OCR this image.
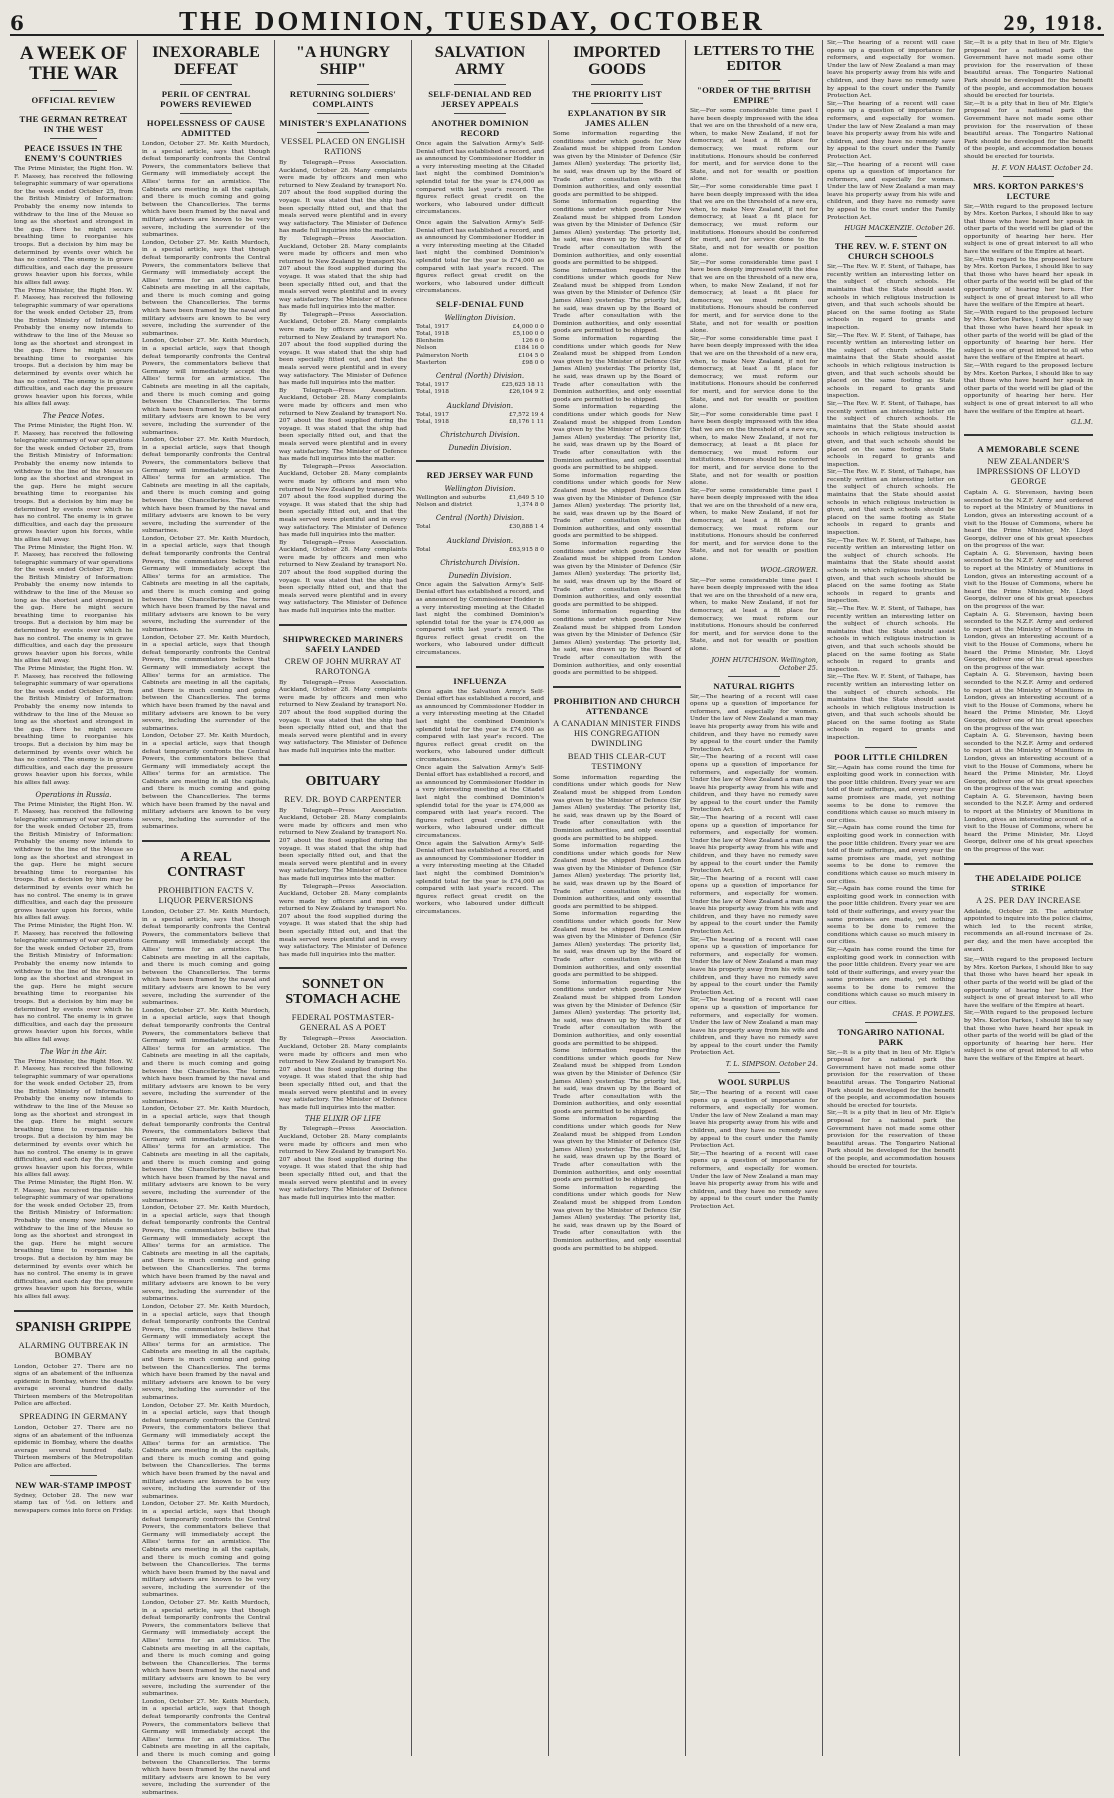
6	THE DOMINION, TUESDAY, OCTOBER	29, 1918.
A WEEK OF THE WAR
OFFICIAL REVIEW
THE GERMAN RETREAT IN THE WEST
PEACE ISSUES IN THE ENEMY'S COUNTRIES

The Prime Minister, the Right Hon. W. F. Massey, has received the following telegraphic summary of war operations for the week ended October 25, from the British Ministry of Information: Probably the enemy now intends to withdraw to the line of the Meuse so long as the shortest and strongest in the gap. Here he might secure breathing time to reorganise his troops. But a decision by him may be determined by events over which he has no control. The enemy is in grave difficulties, and each day the pressure grows heavier upon his forces, while his allies fall away.

The Prime Minister, the Right Hon. W. F. Massey, has received the following telegraphic summary of war operations for the week ended October 25, from the British Ministry of Information: Probably the enemy now intends to withdraw to the line of the Meuse so long as the shortest and strongest in the gap. Here he might secure breathing time to reorganise his troops. But a decision by him may be determined by events over which he has no control. The enemy is in grave difficulties, and each day the pressure grows heavier upon his forces, while his allies fall away.

The Peace Notes.

The Prime Minister, the Right Hon. W. F. Massey, has received the following telegraphic summary of war operations for the week ended October 25, from the British Ministry of Information: Probably the enemy now intends to withdraw to the line of the Meuse so long as the shortest and strongest in the gap. Here he might secure breathing time to reorganise his troops. But a decision by him may be determined by events over which he has no control. The enemy is in grave difficulties, and each day the pressure grows heavier upon his forces, while his allies fall away.

The Prime Minister, the Right Hon. W. F. Massey, has received the following telegraphic summary of war operations for the week ended October 25, from the British Ministry of Information: Probably the enemy now intends to withdraw to the line of the Meuse so long as the shortest and strongest in the gap. Here he might secure breathing time to reorganise his troops. But a decision by him may be determined by events over which he has no control. The enemy is in grave difficulties, and each day the pressure grows heavier upon his forces, while his allies fall away.

The Prime Minister, the Right Hon. W. F. Massey, has received the following telegraphic summary of war operations for the week ended October 25, from the British Ministry of Information: Probably the enemy now intends to withdraw to the line of the Meuse so long as the shortest and strongest in the gap. Here he might secure breathing time to reorganise his troops. But a decision by him may be determined by events over which he has no control. The enemy is in grave difficulties, and each day the pressure grows heavier upon his forces, while his allies fall away.

Operations in Russia.

The Prime Minister, the Right Hon. W. F. Massey, has received the following telegraphic summary of war operations for the week ended October 25, from the British Ministry of Information: Probably the enemy now intends to withdraw to the line of the Meuse so long as the shortest and strongest in the gap. Here he might secure breathing time to reorganise his troops. But a decision by him may be determined by events over which he has no control. The enemy is in grave difficulties, and each day the pressure grows heavier upon his forces, while his allies fall away.

The Prime Minister, the Right Hon. W. F. Massey, has received the following telegraphic summary of war operations for the week ended October 25, from the British Ministry of Information: Probably the enemy now intends to withdraw to the line of the Meuse so long as the shortest and strongest in the gap. Here he might secure breathing time to reorganise his troops. But a decision by him may be determined by events over which he has no control. The enemy is in grave difficulties, and each day the pressure grows heavier upon his forces, while his allies fall away.

The War in the Air.

The Prime Minister, the Right Hon. W. F. Massey, has received the following telegraphic summary of war operations for the week ended October 25, from the British Ministry of Information: Probably the enemy now intends to withdraw to the line of the Meuse so long as the shortest and strongest in the gap. Here he might secure breathing time to reorganise his troops. But a decision by him may be determined by events over which he has no control. The enemy is in grave difficulties, and each day the pressure grows heavier upon his forces, while his allies fall away.

The Prime Minister, the Right Hon. W. F. Massey, has received the following telegraphic summary of war operations for the week ended October 25, from the British Ministry of Information: Probably the enemy now intends to withdraw to the line of the Meuse so long as the shortest and strongest in the gap. Here he might secure breathing time to reorganise his troops. But a decision by him may be determined by events over which he has no control. The enemy is in grave difficulties, and each day the pressure grows heavier upon his forces, while his allies fall away.

SPANISH GRIPPE
ALARMING OUTBREAK IN BOMBAY

London, October 27. There are no signs of an abatement of the influenza epidemic in Bombay, where the deaths average several hundred daily. Thirteen members of the Metropolitan Police are affected.

SPREADING IN GERMANY

London, October 27. There are no signs of an abatement of the influenza epidemic in Bombay, where the deaths average several hundred daily. Thirteen members of the Metropolitan Police are affected.

NEW WAR-STAMP IMPOST

Sydney, October 28. The new war stamp tax of ½d. on letters and newspapers comes into force on Friday.

INEXORABLE DEFEAT
PERIL OF CENTRAL POWERS REVIEWED
HOPELESSNESS OF CAUSE ADMITTED

London, October 27. Mr. Keith Murdoch, in a special article, says that though defeat temporarily confronts the Central Powers, the commentators believe that Germany will immediately accept the Allies' terms for an armistice. The Cabinets are meeting in all the capitals, and there is much coming and going between the Chancelleries. The terms which have been framed by the naval and military advisers are known to be very severe, including the surrender of the submarines.

London, October 27. Mr. Keith Murdoch, in a special article, says that though defeat temporarily confronts the Central Powers, the commentators believe that Germany will immediately accept the Allies' terms for an armistice. The Cabinets are meeting in all the capitals, and there is much coming and going between the Chancelleries. The terms which have been framed by the naval and military advisers are known to be very severe, including the surrender of the submarines.

London, October 27. Mr. Keith Murdoch, in a special article, says that though defeat temporarily confronts the Central Powers, the commentators believe that Germany will immediately accept the Allies' terms for an armistice. The Cabinets are meeting in all the capitals, and there is much coming and going between the Chancelleries. The terms which have been framed by the naval and military advisers are known to be very severe, including the surrender of the submarines.

London, October 27. Mr. Keith Murdoch, in a special article, says that though defeat temporarily confronts the Central Powers, the commentators believe that Germany will immediately accept the Allies' terms for an armistice. The Cabinets are meeting in all the capitals, and there is much coming and going between the Chancelleries. The terms which have been framed by the naval and military advisers are known to be very severe, including the surrender of the submarines.

London, October 27. Mr. Keith Murdoch, in a special article, says that though defeat temporarily confronts the Central Powers, the commentators believe that Germany will immediately accept the Allies' terms for an armistice. The Cabinets are meeting in all the capitals, and there is much coming and going between the Chancelleries. The terms which have been framed by the naval and military advisers are known to be very severe, including the surrender of the submarines.

London, October 27. Mr. Keith Murdoch, in a special article, says that though defeat temporarily confronts the Central Powers, the commentators believe that Germany will immediately accept the Allies' terms for an armistice. The Cabinets are meeting in all the capitals, and there is much coming and going between the Chancelleries. The terms which have been framed by the naval and military advisers are known to be very severe, including the surrender of the submarines.

London, October 27. Mr. Keith Murdoch, in a special article, says that though defeat temporarily confronts the Central Powers, the commentators believe that Germany will immediately accept the Allies' terms for an armistice. The Cabinets are meeting in all the capitals, and there is much coming and going between the Chancelleries. The terms which have been framed by the naval and military advisers are known to be very severe, including the surrender of the submarines.

A REAL CONTRAST
PROHIBITION FACTS V. LIQUOR PERVERSIONS

London, October 27. Mr. Keith Murdoch, in a special article, says that though defeat temporarily confronts the Central Powers, the commentators believe that Germany will immediately accept the Allies' terms for an armistice. The Cabinets are meeting in all the capitals, and there is much coming and going between the Chancelleries. The terms which have been framed by the naval and military advisers are known to be very severe, including the surrender of the submarines.

London, October 27. Mr. Keith Murdoch, in a special article, says that though defeat temporarily confronts the Central Powers, the commentators believe that Germany will immediately accept the Allies' terms for an armistice. The Cabinets are meeting in all the capitals, and there is much coming and going between the Chancelleries. The terms which have been framed by the naval and military advisers are known to be very severe, including the surrender of the submarines.

London, October 27. Mr. Keith Murdoch, in a special article, says that though defeat temporarily confronts the Central Powers, the commentators believe that Germany will immediately accept the Allies' terms for an armistice. The Cabinets are meeting in all the capitals, and there is much coming and going between the Chancelleries. The terms which have been framed by the naval and military advisers are known to be very severe, including the surrender of the submarines.

London, October 27. Mr. Keith Murdoch, in a special article, says that though defeat temporarily confronts the Central Powers, the commentators believe that Germany will immediately accept the Allies' terms for an armistice. The Cabinets are meeting in all the capitals, and there is much coming and going between the Chancelleries. The terms which have been framed by the naval and military advisers are known to be very severe, including the surrender of the submarines.

London, October 27. Mr. Keith Murdoch, in a special article, says that though defeat temporarily confronts the Central Powers, the commentators believe that Germany will immediately accept the Allies' terms for an armistice. The Cabinets are meeting in all the capitals, and there is much coming and going between the Chancelleries. The terms which have been framed by the naval and military advisers are known to be very severe, including the surrender of the submarines.

London, October 27. Mr. Keith Murdoch, in a special article, says that though defeat temporarily confronts the Central Powers, the commentators believe that Germany will immediately accept the Allies' terms for an armistice. The Cabinets are meeting in all the capitals, and there is much coming and going between the Chancelleries. The terms which have been framed by the naval and military advisers are known to be very severe, including the surrender of the submarines.

London, October 27. Mr. Keith Murdoch, in a special article, says that though defeat temporarily confronts the Central Powers, the commentators believe that Germany will immediately accept the Allies' terms for an armistice. The Cabinets are meeting in all the capitals, and there is much coming and going between the Chancelleries. The terms which have been framed by the naval and military advisers are known to be very severe, including the surrender of the submarines.

London, October 27. Mr. Keith Murdoch, in a special article, says that though defeat temporarily confronts the Central Powers, the commentators believe that Germany will immediately accept the Allies' terms for an armistice. The Cabinets are meeting in all the capitals, and there is much coming and going between the Chancelleries. The terms which have been framed by the naval and military advisers are known to be very severe, including the surrender of the submarines.

London, October 27. Mr. Keith Murdoch, in a special article, says that though defeat temporarily confronts the Central Powers, the commentators believe that Germany will immediately accept the Allies' terms for an armistice. The Cabinets are meeting in all the capitals, and there is much coming and going between the Chancelleries. The terms which have been framed by the naval and military advisers are known to be very severe, including the surrender of the submarines.

"A HUNGRY SHIP"
RETURNING SOLDIERS' COMPLAINTS
MINISTER'S EXPLANATIONS
VESSEL PLACED ON ENGLISH RATIONS

By Telegraph—Press Association. Auckland, October 28. Many complaints were made by officers and men who returned to New Zealand by transport No. 207 about the food supplied during the voyage. It was stated that the ship had been specially fitted out, and that the meals served were plentiful and in every way satisfactory. The Minister of Defence has made full inquiries into the matter.

By Telegraph—Press Association. Auckland, October 28. Many complaints were made by officers and men who returned to New Zealand by transport No. 207 about the food supplied during the voyage. It was stated that the ship had been specially fitted out, and that the meals served were plentiful and in every way satisfactory. The Minister of Defence has made full inquiries into the matter.

By Telegraph—Press Association. Auckland, October 28. Many complaints were made by officers and men who returned to New Zealand by transport No. 207 about the food supplied during the voyage. It was stated that the ship had been specially fitted out, and that the meals served were plentiful and in every way satisfactory. The Minister of Defence has made full inquiries into the matter.

By Telegraph—Press Association. Auckland, October 28. Many complaints were made by officers and men who returned to New Zealand by transport No. 207 about the food supplied during the voyage. It was stated that the ship had been specially fitted out, and that the meals served were plentiful and in every way satisfactory. The Minister of Defence has made full inquiries into the matter.

By Telegraph—Press Association. Auckland, October 28. Many complaints were made by officers and men who returned to New Zealand by transport No. 207 about the food supplied during the voyage. It was stated that the ship had been specially fitted out, and that the meals served were plentiful and in every way satisfactory. The Minister of Defence has made full inquiries into the matter.

By Telegraph—Press Association. Auckland, October 28. Many complaints were made by officers and men who returned to New Zealand by transport No. 207 about the food supplied during the voyage. It was stated that the ship had been specially fitted out, and that the meals served were plentiful and in every way satisfactory. The Minister of Defence has made full inquiries into the matter.

SHIPWRECKED MARINERS SAFELY LANDED
CREW OF JOHN MURRAY AT RAROTONGA

By Telegraph—Press Association. Auckland, October 28. Many complaints were made by officers and men who returned to New Zealand by transport No. 207 about the food supplied during the voyage. It was stated that the ship had been specially fitted out, and that the meals served were plentiful and in every way satisfactory. The Minister of Defence has made full inquiries into the matter.

OBITUARY
REV. DR. BOYD CARPENTER

By Telegraph—Press Association. Auckland, October 28. Many complaints were made by officers and men who returned to New Zealand by transport No. 207 about the food supplied during the voyage. It was stated that the ship had been specially fitted out, and that the meals served were plentiful and in every way satisfactory. The Minister of Defence has made full inquiries into the matter.

By Telegraph—Press Association. Auckland, October 28. Many complaints were made by officers and men who returned to New Zealand by transport No. 207 about the food supplied during the voyage. It was stated that the ship had been specially fitted out, and that the meals served were plentiful and in every way satisfactory. The Minister of Defence has made full inquiries into the matter.

SONNET ON STOMACH ACHE
FEDERAL POSTMASTER-GENERAL AS A POET

By Telegraph—Press Association. Auckland, October 28. Many complaints were made by officers and men who returned to New Zealand by transport No. 207 about the food supplied during the voyage. It was stated that the ship had been specially fitted out, and that the meals served were plentiful and in every way satisfactory. The Minister of Defence has made full inquiries into the matter.

THE ELIXIR OF LIFE

By Telegraph—Press Association. Auckland, October 28. Many complaints were made by officers and men who returned to New Zealand by transport No. 207 about the food supplied during the voyage. It was stated that the ship had been specially fitted out, and that the meals served were plentiful and in every way satisfactory. The Minister of Defence has made full inquiries into the matter.

SALVATION ARMY
SELF-DENIAL AND RED JERSEY APPEALS
ANOTHER DOMINION RECORD

Once again the Salvation Army's Self-Denial effort has established a record, and as announced by Commissioner Hodder in a very interesting meeting at the Citadel last night the combined Dominion's splendid total for the year is £74,000 as compared with last year's record. The figures reflect great credit on the workers, who laboured under difficult circumstances.

Once again the Salvation Army's Self-Denial effort has established a record, and as announced by Commissioner Hodder in a very interesting meeting at the Citadel last night the combined Dominion's splendid total for the year is £74,000 as compared with last year's record. The figures reflect great credit on the workers, who laboured under difficult circumstances.

SELF-DENIAL FUND
Wellington Division.
Total, 1917	£4,000 0 0
Total, 1918	£5,100 0 0
Blenheim	126 6 0
Nelson	£184 16 0
Palmerston North	£104 5 0
Masterton	£98 0 0
Central (North) Division.
Total, 1917	£25,625 18 11
Total, 1918	£26,104 9 2
Auckland Division.
Total, 1917	£7,572 19 4
Total, 1918	£8,176 1 11
Christchurch Division.
Dunedin Division.
RED JERSEY WAR FUND
Wellington Division.
Wellington and suburbs	£1,649 5 10
Nelson and district	1,374 8 0
Central (North) Division.
Total	£30,888 1 4
Auckland Division.
Total	£63,915 8 0
Christchurch Division.
Dunedin Division.

Once again the Salvation Army's Self-Denial effort has established a record, and as announced by Commissioner Hodder in a very interesting meeting at the Citadel last night the combined Dominion's splendid total for the year is £74,000 as compared with last year's record. The figures reflect great credit on the workers, who laboured under difficult circumstances.

INFLUENZA

Once again the Salvation Army's Self-Denial effort has established a record, and as announced by Commissioner Hodder in a very interesting meeting at the Citadel last night the combined Dominion's splendid total for the year is £74,000 as compared with last year's record. The figures reflect great credit on the workers, who laboured under difficult circumstances.

Once again the Salvation Army's Self-Denial effort has established a record, and as announced by Commissioner Hodder in a very interesting meeting at the Citadel last night the combined Dominion's splendid total for the year is £74,000 as compared with last year's record. The figures reflect great credit on the workers, who laboured under difficult circumstances.

Once again the Salvation Army's Self-Denial effort has established a record, and as announced by Commissioner Hodder in a very interesting meeting at the Citadel last night the combined Dominion's splendid total for the year is £74,000 as compared with last year's record. The figures reflect great credit on the workers, who laboured under difficult circumstances.

IMPORTED GOODS
THE PRIORITY LIST
EXPLANATION BY SIR JAMES ALLEN

Some information regarding the conditions under which goods for New Zealand must be shipped from London was given by the Minister of Defence (Sir James Allen) yesterday. The priority list, he said, was drawn up by the Board of Trade after consultation with the Dominion authorities, and only essential goods are permitted to be shipped.

Some information regarding the conditions under which goods for New Zealand must be shipped from London was given by the Minister of Defence (Sir James Allen) yesterday. The priority list, he said, was drawn up by the Board of Trade after consultation with the Dominion authorities, and only essential goods are permitted to be shipped.

Some information regarding the conditions under which goods for New Zealand must be shipped from London was given by the Minister of Defence (Sir James Allen) yesterday. The priority list, he said, was drawn up by the Board of Trade after consultation with the Dominion authorities, and only essential goods are permitted to be shipped.

Some information regarding the conditions under which goods for New Zealand must be shipped from London was given by the Minister of Defence (Sir James Allen) yesterday. The priority list, he said, was drawn up by the Board of Trade after consultation with the Dominion authorities, and only essential goods are permitted to be shipped.

Some information regarding the conditions under which goods for New Zealand must be shipped from London was given by the Minister of Defence (Sir James Allen) yesterday. The priority list, he said, was drawn up by the Board of Trade after consultation with the Dominion authorities, and only essential goods are permitted to be shipped.

Some information regarding the conditions under which goods for New Zealand must be shipped from London was given by the Minister of Defence (Sir James Allen) yesterday. The priority list, he said, was drawn up by the Board of Trade after consultation with the Dominion authorities, and only essential goods are permitted to be shipped.

Some information regarding the conditions under which goods for New Zealand must be shipped from London was given by the Minister of Defence (Sir James Allen) yesterday. The priority list, he said, was drawn up by the Board of Trade after consultation with the Dominion authorities, and only essential goods are permitted to be shipped.

Some information regarding the conditions under which goods for New Zealand must be shipped from London was given by the Minister of Defence (Sir James Allen) yesterday. The priority list, he said, was drawn up by the Board of Trade after consultation with the Dominion authorities, and only essential goods are permitted to be shipped.

PROHIBITION AND CHURCH ATTENDANCE
A CANADIAN MINISTER FINDS HIS CONGREGATION DWINDLING
BEAD THIS CLEAR-CUT TESTIMONY

Some information regarding the conditions under which goods for New Zealand must be shipped from London was given by the Minister of Defence (Sir James Allen) yesterday. The priority list, he said, was drawn up by the Board of Trade after consultation with the Dominion authorities, and only essential goods are permitted to be shipped.

Some information regarding the conditions under which goods for New Zealand must be shipped from London was given by the Minister of Defence (Sir James Allen) yesterday. The priority list, he said, was drawn up by the Board of Trade after consultation with the Dominion authorities, and only essential goods are permitted to be shipped.

Some information regarding the conditions under which goods for New Zealand must be shipped from London was given by the Minister of Defence (Sir James Allen) yesterday. The priority list, he said, was drawn up by the Board of Trade after consultation with the Dominion authorities, and only essential goods are permitted to be shipped.

Some information regarding the conditions under which goods for New Zealand must be shipped from London was given by the Minister of Defence (Sir James Allen) yesterday. The priority list, he said, was drawn up by the Board of Trade after consultation with the Dominion authorities, and only essential goods are permitted to be shipped.

Some information regarding the conditions under which goods for New Zealand must be shipped from London was given by the Minister of Defence (Sir James Allen) yesterday. The priority list, he said, was drawn up by the Board of Trade after consultation with the Dominion authorities, and only essential goods are permitted to be shipped.

Some information regarding the conditions under which goods for New Zealand must be shipped from London was given by the Minister of Defence (Sir James Allen) yesterday. The priority list, he said, was drawn up by the Board of Trade after consultation with the Dominion authorities, and only essential goods are permitted to be shipped.

Some information regarding the conditions under which goods for New Zealand must be shipped from London was given by the Minister of Defence (Sir James Allen) yesterday. The priority list, he said, was drawn up by the Board of Trade after consultation with the Dominion authorities, and only essential goods are permitted to be shipped.

LETTERS TO THE EDITOR
"ORDER OF THE BRITISH EMPIRE"

Sir,—For some considerable time past I have been deeply impressed with the idea that we are on the threshold of a new era, when, to make New Zealand, if not for democracy, at least a fit place for democracy, we must reform our institutions. Honours should be conferred for merit, and for service done to the State, and not for wealth or position alone.

Sir,—For some considerable time past I have been deeply impressed with the idea that we are on the threshold of a new era, when, to make New Zealand, if not for democracy, at least a fit place for democracy, we must reform our institutions. Honours should be conferred for merit, and for service done to the State, and not for wealth or position alone.

Sir,—For some considerable time past I have been deeply impressed with the idea that we are on the threshold of a new era, when, to make New Zealand, if not for democracy, at least a fit place for democracy, we must reform our institutions. Honours should be conferred for merit, and for service done to the State, and not for wealth or position alone.

Sir,—For some considerable time past I have been deeply impressed with the idea that we are on the threshold of a new era, when, to make New Zealand, if not for democracy, at least a fit place for democracy, we must reform our institutions. Honours should be conferred for merit, and for service done to the State, and not for wealth or position alone.

Sir,—For some considerable time past I have been deeply impressed with the idea that we are on the threshold of a new era, when, to make New Zealand, if not for democracy, at least a fit place for democracy, we must reform our institutions. Honours should be conferred for merit, and for service done to the State, and not for wealth or position alone.

Sir,—For some considerable time past I have been deeply impressed with the idea that we are on the threshold of a new era, when, to make New Zealand, if not for democracy, at least a fit place for democracy, we must reform our institutions. Honours should be conferred for merit, and for service done to the State, and not for wealth or position alone.

WOOL-GROWER.

Sir,—For some considerable time past I have been deeply impressed with the idea that we are on the threshold of a new era, when, to make New Zealand, if not for democracy, at least a fit place for democracy, we must reform our institutions. Honours should be conferred for merit, and for service done to the State, and not for wealth or position alone.

JOHN HUTCHISON. Wellington, October 25.
NATURAL RIGHTS

Sir,—The hearing of a recent will case opens up a question of importance for reformers, and especially for women. Under the law of New Zealand a man may leave his property away from his wife and children, and they have no remedy save by appeal to the court under the Family Protection Act.

Sir,—The hearing of a recent will case opens up a question of importance for reformers, and especially for women. Under the law of New Zealand a man may leave his property away from his wife and children, and they have no remedy save by appeal to the court under the Family Protection Act.

Sir,—The hearing of a recent will case opens up a question of importance for reformers, and especially for women. Under the law of New Zealand a man may leave his property away from his wife and children, and they have no remedy save by appeal to the court under the Family Protection Act.

Sir,—The hearing of a recent will case opens up a question of importance for reformers, and especially for women. Under the law of New Zealand a man may leave his property away from his wife and children, and they have no remedy save by appeal to the court under the Family Protection Act.

Sir,—The hearing of a recent will case opens up a question of importance for reformers, and especially for women. Under the law of New Zealand a man may leave his property away from his wife and children, and they have no remedy save by appeal to the court under the Family Protection Act.

Sir,—The hearing of a recent will case opens up a question of importance for reformers, and especially for women. Under the law of New Zealand a man may leave his property away from his wife and children, and they have no remedy save by appeal to the court under the Family Protection Act.

T. L. SIMPSON. October 24.
WOOL SURPLUS

Sir,—The hearing of a recent will case opens up a question of importance for reformers, and especially for women. Under the law of New Zealand a man may leave his property away from his wife and children, and they have no remedy save by appeal to the court under the Family Protection Act.

Sir,—The hearing of a recent will case opens up a question of importance for reformers, and especially for women. Under the law of New Zealand a man may leave his property away from his wife and children, and they have no remedy save by appeal to the court under the Family Protection Act.

Sir,—The hearing of a recent will case opens up a question of importance for reformers, and especially for women. Under the law of New Zealand a man may leave his property away from his wife and children, and they have no remedy save by appeal to the court under the Family Protection Act.

Sir,—The hearing of a recent will case opens up a question of importance for reformers, and especially for women. Under the law of New Zealand a man may leave his property away from his wife and children, and they have no remedy save by appeal to the court under the Family Protection Act.

Sir,—The hearing of a recent will case opens up a question of importance for reformers, and especially for women. Under the law of New Zealand a man may leave his property away from his wife and children, and they have no remedy save by appeal to the court under the Family Protection Act.

HUGH MACKENZIE. October 26.
THE REV. W. F. STENT ON CHURCH SCHOOLS

Sir,—The Rev. W. F. Stent, of Taihape, has recently written an interesting letter on the subject of church schools. He maintains that the State should assist schools in which religious instruction is given, and that such schools should be placed on the same footing as State schools in regard to grants and inspection.

Sir,—The Rev. W. F. Stent, of Taihape, has recently written an interesting letter on the subject of church schools. He maintains that the State should assist schools in which religious instruction is given, and that such schools should be placed on the same footing as State schools in regard to grants and inspection.

Sir,—The Rev. W. F. Stent, of Taihape, has recently written an interesting letter on the subject of church schools. He maintains that the State should assist schools in which religious instruction is given, and that such schools should be placed on the same footing as State schools in regard to grants and inspection.

Sir,—The Rev. W. F. Stent, of Taihape, has recently written an interesting letter on the subject of church schools. He maintains that the State should assist schools in which religious instruction is given, and that such schools should be placed on the same footing as State schools in regard to grants and inspection.

Sir,—The Rev. W. F. Stent, of Taihape, has recently written an interesting letter on the subject of church schools. He maintains that the State should assist schools in which religious instruction is given, and that such schools should be placed on the same footing as State schools in regard to grants and inspection.

Sir,—The Rev. W. F. Stent, of Taihape, has recently written an interesting letter on the subject of church schools. He maintains that the State should assist schools in which religious instruction is given, and that such schools should be placed on the same footing as State schools in regard to grants and inspection.

Sir,—The Rev. W. F. Stent, of Taihape, has recently written an interesting letter on the subject of church schools. He maintains that the State should assist schools in which religious instruction is given, and that such schools should be placed on the same footing as State schools in regard to grants and inspection.

POOR LITTLE CHILDREN

Sir,—Again has come round the time for exploiting good work in connection with the poor little children. Every year we are told of their sufferings, and every year the same promises are made, yet nothing seems to be done to remove the conditions which cause so much misery in our cities.

Sir,—Again has come round the time for exploiting good work in connection with the poor little children. Every year we are told of their sufferings, and every year the same promises are made, yet nothing seems to be done to remove the conditions which cause so much misery in our cities.

Sir,—Again has come round the time for exploiting good work in connection with the poor little children. Every year we are told of their sufferings, and every year the same promises are made, yet nothing seems to be done to remove the conditions which cause so much misery in our cities.

Sir,—Again has come round the time for exploiting good work in connection with the poor little children. Every year we are told of their sufferings, and every year the same promises are made, yet nothing seems to be done to remove the conditions which cause so much misery in our cities.

CHAS. P. POWLES.
TONGARIRO NATIONAL PARK

Sir,—It is a pity that in lieu of Mr. Elgie's proposal for a national park the Government have not made some other provision for the reservation of these beautiful areas. The Tongariro National Park should be developed for the benefit of the people, and accommodation houses should be erected for tourists.

Sir,—It is a pity that in lieu of Mr. Elgie's proposal for a national park the Government have not made some other provision for the reservation of these beautiful areas. The Tongariro National Park should be developed for the benefit of the people, and accommodation houses should be erected for tourists.

Sir,—It is a pity that in lieu of Mr. Elgie's proposal for a national park the Government have not made some other provision for the reservation of these beautiful areas. The Tongariro National Park should be developed for the benefit of the people, and accommodation houses should be erected for tourists.

Sir,—It is a pity that in lieu of Mr. Elgie's proposal for a national park the Government have not made some other provision for the reservation of these beautiful areas. The Tongariro National Park should be developed for the benefit of the people, and accommodation houses should be erected for tourists.

H. F. VON HAAST. October 24.
MRS. KORTON PARKES'S LECTURE

Sir,—With regard to the proposed lecture by Mrs. Korton Parkes, I should like to say that those who have heard her speak in other parts of the world will be glad of the opportunity of hearing her here. Her subject is one of great interest to all who have the welfare of the Empire at heart.

Sir,—With regard to the proposed lecture by Mrs. Korton Parkes, I should like to say that those who have heard her speak in other parts of the world will be glad of the opportunity of hearing her here. Her subject is one of great interest to all who have the welfare of the Empire at heart.

Sir,—With regard to the proposed lecture by Mrs. Korton Parkes, I should like to say that those who have heard her speak in other parts of the world will be glad of the opportunity of hearing her here. Her subject is one of great interest to all who have the welfare of the Empire at heart.

Sir,—With regard to the proposed lecture by Mrs. Korton Parkes, I should like to say that those who have heard her speak in other parts of the world will be glad of the opportunity of hearing her here. Her subject is one of great interest to all who have the welfare of the Empire at heart.

G.L.M.
A MEMORABLE SCENE
NEW ZEALANDER'S IMPRESSIONS OF LLOYD GEORGE

Captain A. G. Stevenson, having been seconded to the N.Z.F. Army and ordered to report at the Ministry of Munitions in London, gives an interesting account of a visit to the House of Commons, where he heard the Prime Minister, Mr. Lloyd George, deliver one of his great speeches on the progress of the war.

Captain A. G. Stevenson, having been seconded to the N.Z.F. Army and ordered to report at the Ministry of Munitions in London, gives an interesting account of a visit to the House of Commons, where he heard the Prime Minister, Mr. Lloyd George, deliver one of his great speeches on the progress of the war.

Captain A. G. Stevenson, having been seconded to the N.Z.F. Army and ordered to report at the Ministry of Munitions in London, gives an interesting account of a visit to the House of Commons, where he heard the Prime Minister, Mr. Lloyd George, deliver one of his great speeches on the progress of the war.

Captain A. G. Stevenson, having been seconded to the N.Z.F. Army and ordered to report at the Ministry of Munitions in London, gives an interesting account of a visit to the House of Commons, where he heard the Prime Minister, Mr. Lloyd George, deliver one of his great speeches on the progress of the war.

Captain A. G. Stevenson, having been seconded to the N.Z.F. Army and ordered to report at the Ministry of Munitions in London, gives an interesting account of a visit to the House of Commons, where he heard the Prime Minister, Mr. Lloyd George, deliver one of his great speeches on the progress of the war.

Captain A. G. Stevenson, having been seconded to the N.Z.F. Army and ordered to report at the Ministry of Munitions in London, gives an interesting account of a visit to the House of Commons, where he heard the Prime Minister, Mr. Lloyd George, deliver one of his great speeches on the progress of the war.

THE ADELAIDE POLICE STRIKE
A 2S. PER DAY INCREASE

Adelaide, October 28. The arbitrator appointed to inquire into the police claims, which led to the recent strike, recommends an all-round increase of 2s. per day, and the men have accepted the award.

Sir,—With regard to the proposed lecture by Mrs. Korton Parkes, I should like to say that those who have heard her speak in other parts of the world will be glad of the opportunity of hearing her here. Her subject is one of great interest to all who have the welfare of the Empire at heart.

Sir,—With regard to the proposed lecture by Mrs. Korton Parkes, I should like to say that those who have heard her speak in other parts of the world will be glad of the opportunity of hearing her here. Her subject is one of great interest to all who have the welfare of the Empire at heart.
